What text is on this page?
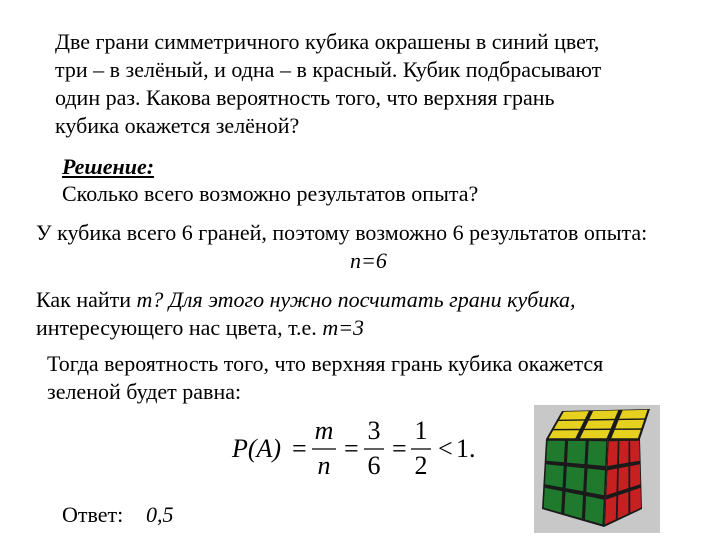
Две грани симметричного кубика окрашены в синий цвет,
три – в зелёный, и одна – в красный. Кубик подбрасывают
один раз. Какова вероятность того, что верхняя грань
кубика окажется зелёной?
Решение:
Сколько всего возможно результатов опыта?
У кубика всего 6 граней, поэтому возможно 6 результатов опыта:
n=6
Как найти m? Для этого нужно посчитать грани кубика,
интересующего нас цвета, т.е. m=3
Тогда вероятность того, что верхняя грань кубика окажется
зеленой будет равна:
P(A) =
m
n
=
3
6
=
1
2
< 1.
Ответ: 0,5
